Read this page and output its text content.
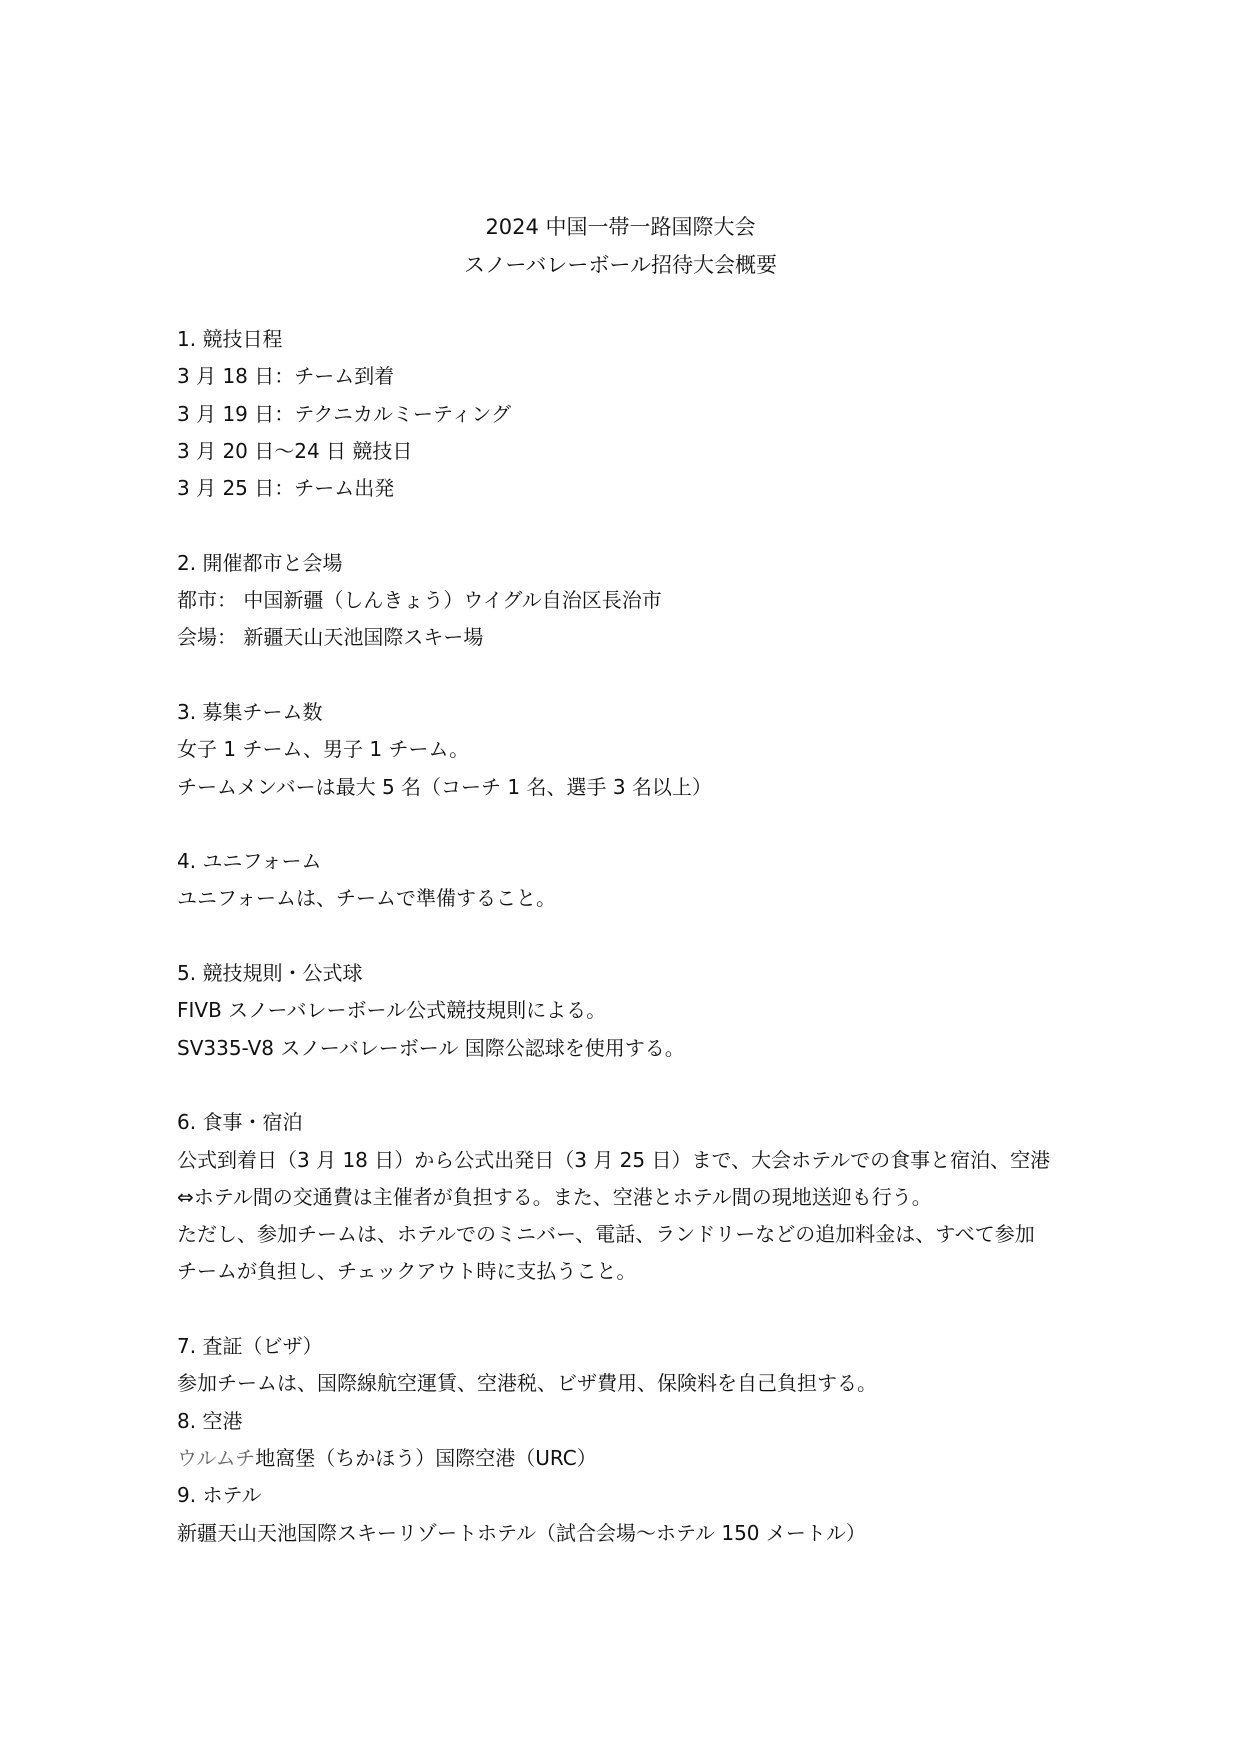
2024 中国一帯一路国際大会
スノーバレーボール招待大会概要
1. 競技日程
3 月 18 日：チーム到着
3 月 19 日：テクニカルミーティング
3 月 20 日～24 日 競技日
3 月 25 日：チーム出発
2. 開催都市と会場
都市： 中国新疆（しんきょう）ウイグル自治区長治市
会場： 新疆天山天池国際スキー場
3. 募集チーム数
女子 1 チーム、男子 1 チーム。
チームメンバーは最大 5 名（コーチ 1 名、選手 3 名以上）
4. ユニフォーム
ユニフォームは、チームで準備すること。
5. 競技規則・公式球
FIVB スノーバレーボール公式競技規則による。
SV335-V8 スノーバレーボール 国際公認球を使用する。
6. 食事・宿泊
公式到着日（3 月 18 日）から公式出発日（3 月 25 日）まで、大会ホテルでの食事と宿泊、空港
⇔ホテル間の交通費は主催者が負担する。また、空港とホテル間の現地送迎も行う。
ただし、参加チームは、ホテルでのミニバー、電話、ランドリーなどの追加料金は、すべて参加
チームが負担し、チェックアウト時に支払うこと。
7. 査証（ビザ）
参加チームは、国際線航空運賃、空港税、ビザ費用、保険料を自己負担する。
8. 空港
ウルムチ地窩堡（ちかほう）国際空港（URC）
9. ホテル
新疆天山天池国際スキーリゾートホテル（試合会場～ホテル 150 メートル）
